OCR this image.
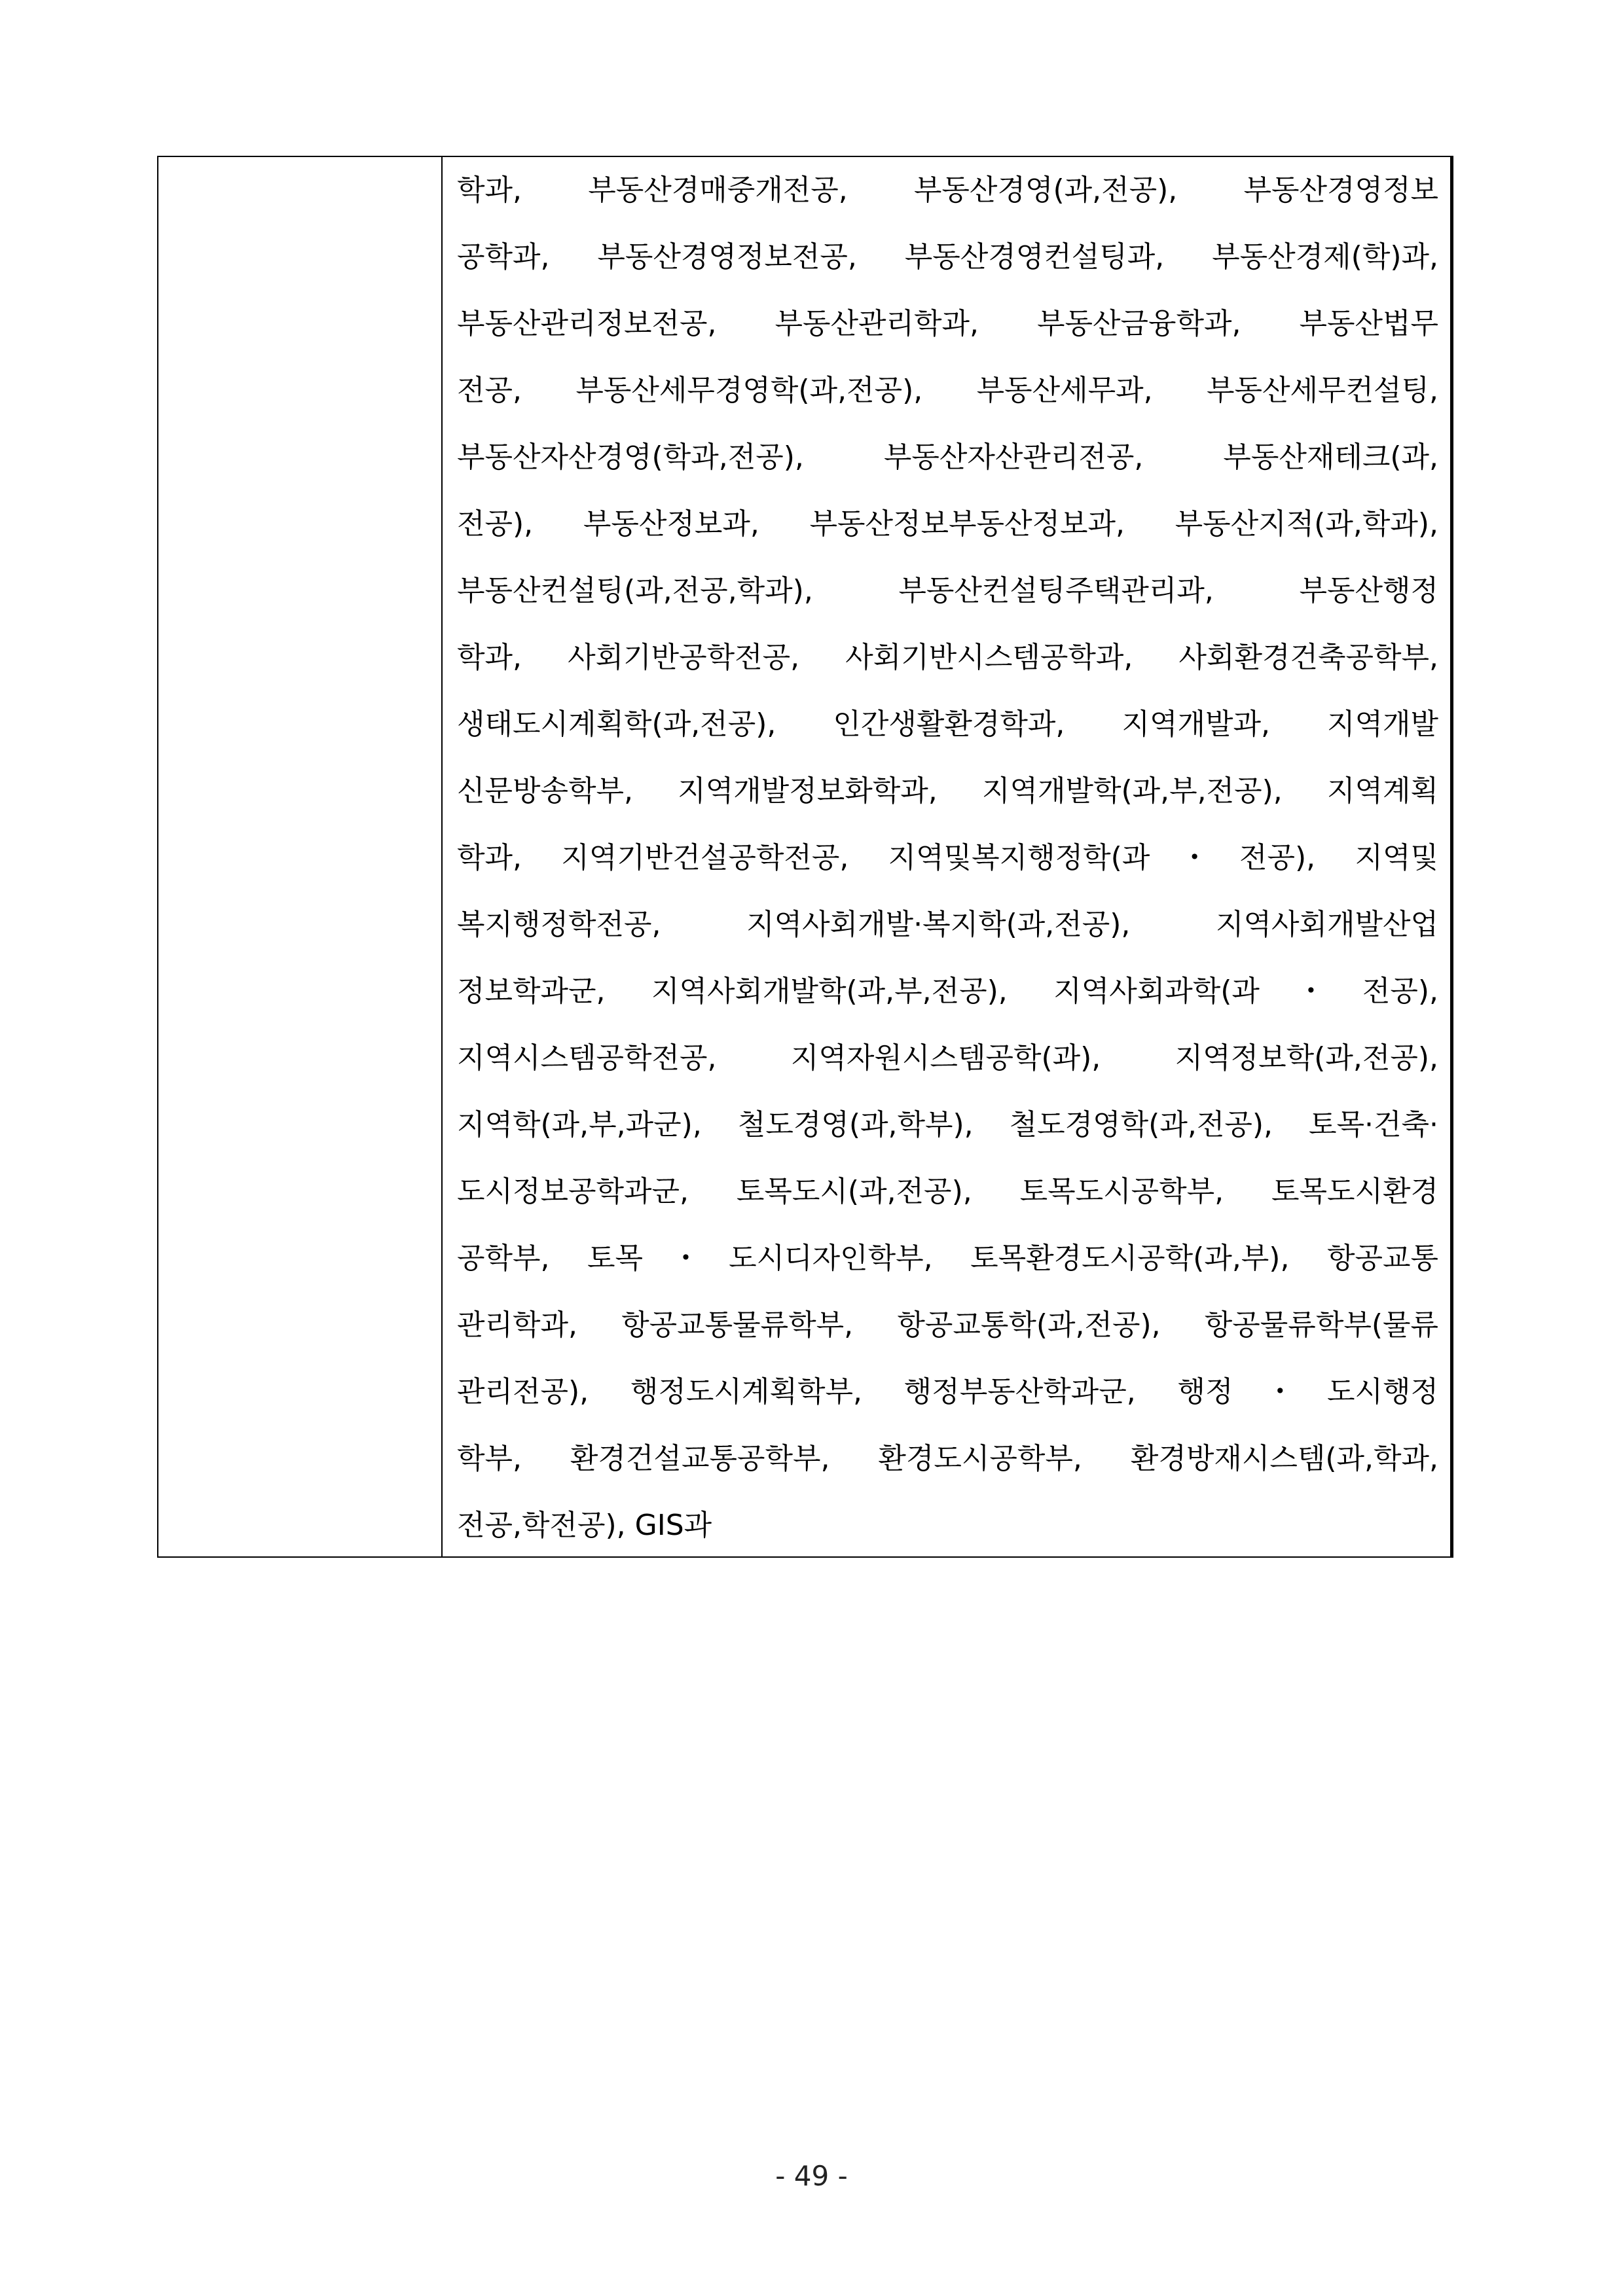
학과, 부동산경매중개전공, 부동산경영(과,전공), 부동산경영정보
공학과, 부동산경영정보전공, 부동산경영컨설팅과, 부동산경제(학)과,
부동산관리정보전공, 부동산관리학과, 부동산금융학과, 부동산법무
전공, 부동산세무경영학(과,전공), 부동산세무과, 부동산세무컨설팅,
부동산자산경영(학과,전공), 부동산자산관리전공, 부동산재테크(과,
전공), 부동산정보과, 부동산정보부동산정보과, 부동산지적(과,학과),
부동산컨설팅(과,전공,학과), 부동산컨설팅주택관리과, 부동산행정
학과, 사회기반공학전공, 사회기반시스템공학과, 사회환경건축공학부,
생태도시계획학(과,전공), 인간생활환경학과, 지역개발과, 지역개발
신문방송학부, 지역개발정보화학과, 지역개발학(과,부,전공), 지역계획
학과, 지역기반건설공학전공, 지역및복지행정학(과・전공), 지역및
복지행정학전공, 지역사회개발·복지학(과,전공), 지역사회개발산업
정보학과군, 지역사회개발학(과,부,전공), 지역사회과학(과・전공),
지역시스템공학전공, 지역자원시스템공학(과), 지역정보학(과,전공),
지역학(과,부,과군), 철도경영(과,학부), 철도경영학(과,전공), 토목·건축·
도시정보공학과군, 토목도시(과,전공), 토목도시공학부, 토목도시환경
공학부, 토목・도시디자인학부, 토목환경도시공학(과,부), 항공교통
관리학과, 항공교통물류학부, 항공교통학(과,전공), 항공물류학부(물류
관리전공), 행정도시계획학부, 행정부동산학과군, 행정・도시행정
학부, 환경건설교통공학부, 환경도시공학부, 환경방재시스템(과,학과,
전공,학전공), GIS과
- 49 -
